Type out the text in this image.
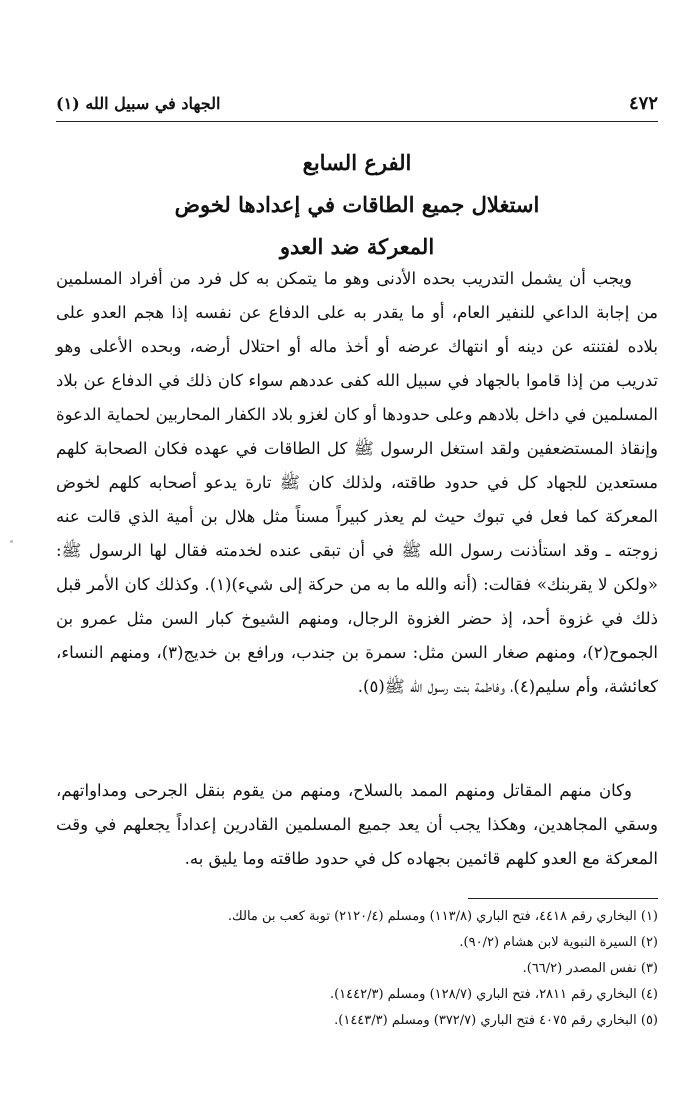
٤٧٢
الجهاد في سبيل الله (١)
الفرع السابع
استغلال جميع الطاقات في إعدادها لخوض
المعركة ضد العدو

ويجب أن يشمل التدريب بحده الأدنى وهو ما يتمكن به كل فرد من أفراد المسلمين من إجابة الداعي للنفير العام، أو ما يقدر به على الدفاع عن نفسه إذا هجم العدو على بلاده لفتنته عن دينه أو انتهاك عرضه أو أخذ ماله أو احتلال أرضه، وبحده الأعلى وهو تدريب من إذا قاموا بالجهاد في سبيل الله كفى عددهم سواء كان ذلك في الدفاع عن بلاد المسلمين في داخل بلادهم وعلى حدودها أو كان لغزو بلاد الكفار المحاربين لحماية الدعوة وإنقاذ المستضعفين ولقد استغل الرسول ﷺ كل الطاقات في عهده فكان الصحابة كلهم مستعدين للجهاد كل في حدود طاقته، ولذلك كان ﷺ تارة يدعو أصحابه كلهم لخوض المعركة كما فعل في تبوك حيث لم يعذر كبيراً مسناً مثل هلال بن أمية الذي قالت عنه زوجته ـ وقد استأذنت رسول الله ﷺ في أن تبقى عنده لخدمته فقال لها الرسول ﷺ: «ولكن لا يقربنك» فقالت: (أنه والله ما به من حركة إلى شيء)(١). وكذلك كان الأمر قبل ذلك في غزوة أحد، إذ حضر الغزوة الرجال، ومنهم الشيوخ كبار السن مثل عمرو بن الجموح(٢)، ومنهم صغار السن مثل: سمرة بن جندب، ورافع بن خديج(٣)، ومنهم النساء، كعائشة، وأم سليم(٤)، وفاطمة بنت رسول الله ﷺ(٥).

وكان منهم المقاتل ومنهم الممد بالسلاح، ومنهم من يقوم بنقل الجرحى ومداواتهم، وسقي المجاهدين، وهكذا يجب أن يعد جميع المسلمين القادرين إعداداً يجعلهم في وقت المعركة مع العدو كلهم قائمين بجهاده كل في حدود طاقته وما يليق به.

(١) البخاري رقم ٤٤١٨، فتح الباري (١١٣/٨) ومسلم (٢١٢٠/٤) توبة كعب بن مالك.
(٢) السيرة النبوية لابن هشام (٩٠/٢).
(٣) نفس المصدر (٦٦/٢).
(٤) البخاري رقم ٢٨١١، فتح الباري (١٢٨/٧) ومسلم (١٤٤٢/٣).
(٥) البخاري رقم ٤٠٧٥ فتح الباري (٣٧٢/٧) ومسلم (١٤٤٣/٣).
